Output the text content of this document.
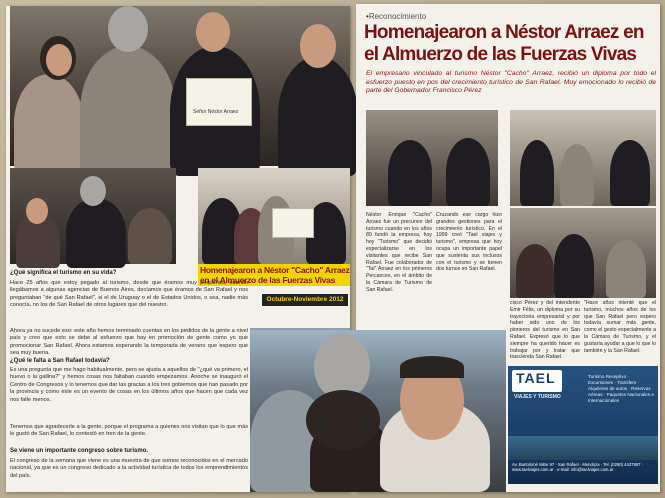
Señor Néstor Arraez
Homenajearon a Néstor "Cacho" Arraez
en el Almuerzo de las Fuerzas Vivas
Octubre-Noviembre 2012
¿Qué significa el turismo en su vida?
Hace 25 años que estoy pegado al turismo, desde que éramos muy pequeños, cuando llegábamos a algunas agencias de Buenos Aires, decíamos que éramos de San Rafael y nos preguntaban "de qué San Rafael", si el de Uruguay o el de Estados Unidos, o sea, nadie más conocía, no los de San Rafael de otros lugares que del nuestro.
Ahora ya no sucede eso: este año hemos terminado cuentas en los pedidos de la gente a nivel país y creo que esto se debe al esfuerzo que hay en promoción de gente como yo que promocionar San Rafael. Ahora estamos esperando la temporada de verano que espero que sea muy buena.
¿Qué le falta a San Rafael todavía?
Es una pregunta que me hago habitualmente, pero se ajusta a aquellos de "¿qué va primero, el huevo o la gallina?" y hemos cosas nos faltaban cuando empezamos. Anoche se inauguró el Centro de Congresos y lo tenemos que dar las gracias a los tres gobiernos que han pasado por la provincia y como este es un evento de cosas en los últimos años que hacen que cada vez nos falte menos.
Tenemos que agradecerle a la gente, porque el programa a quienes nos visitan que lo que más le gustó de San Rafael, lo contestó en tren de la gente.
Se viene un importante congreso sobre turismo.
El congreso de la semana que viene es una muestra de que somos reconocidos en el mercado nacional, ya que es un congreso dedicado a la actividad turística de todos los emprendimientos del país.
•Reconocimiento
Homenajearon a Néstor Arraez en
el Almuerzo de las Fuerzas Vivas
El empresario vinculado al turismo Néstor "Cacho" Arraez, recibió un diploma por todo el esfuerzo puesto en pos del crecimiento turístico de San Rafael. Muy emocionado lo recibió de parte del Gobernador Francisco Pérez
Néstor Enrique "Cacho" Arraez fue un precursor del turismo cuando en los años 80 fundó la empresa, hoy hoy "Turismo" que decidió especializarse en los visitantes que recibe San Rafael. Fue colaborador de "Tal" Arraez en los primeros Percances, en el ámbito de la Cámara de Turismo de San Rafael.
Cruzando ese cargo hizo grandes gestiones para el crecimiento turístico. En el 1999 creó "Tael viajes y turismo", empresa que hoy ocupa un importante papel que sustenta sus inclusos con el turismo y se tienen dos turnos en San Rafael.
cisco Pérez y del intendente Emir Félix, un diploma por su trayectoria empresarial y por haber sido uno de los pioneros del turismo en San Rafael. Expresó que lo que siempre ha querido hacer es trabajar por y tratar que trascienda San Rafael.
"Hace años intenté que el turismo, muchos años de los que San Rafael pero espero todavía sumar más gente, como el gesto especialmente a la Cámara de Turismo, y el gustaría ayudar a que lo que lo también y la San Rafael.
TAEL
VIAJES Y TURISMO
Turismo Receptivo · Excursiones · Transfers · Alquileres de autos · Reservas Aéreas · Paquetes Nacionales e Internacionales
Av. Bartolomé Mitre 97 · San Rafael · Mendoza · Tel. (0260) 4427557 · www.taelviajes.com.ar · e-mail: info@taelviajes.com.ar
